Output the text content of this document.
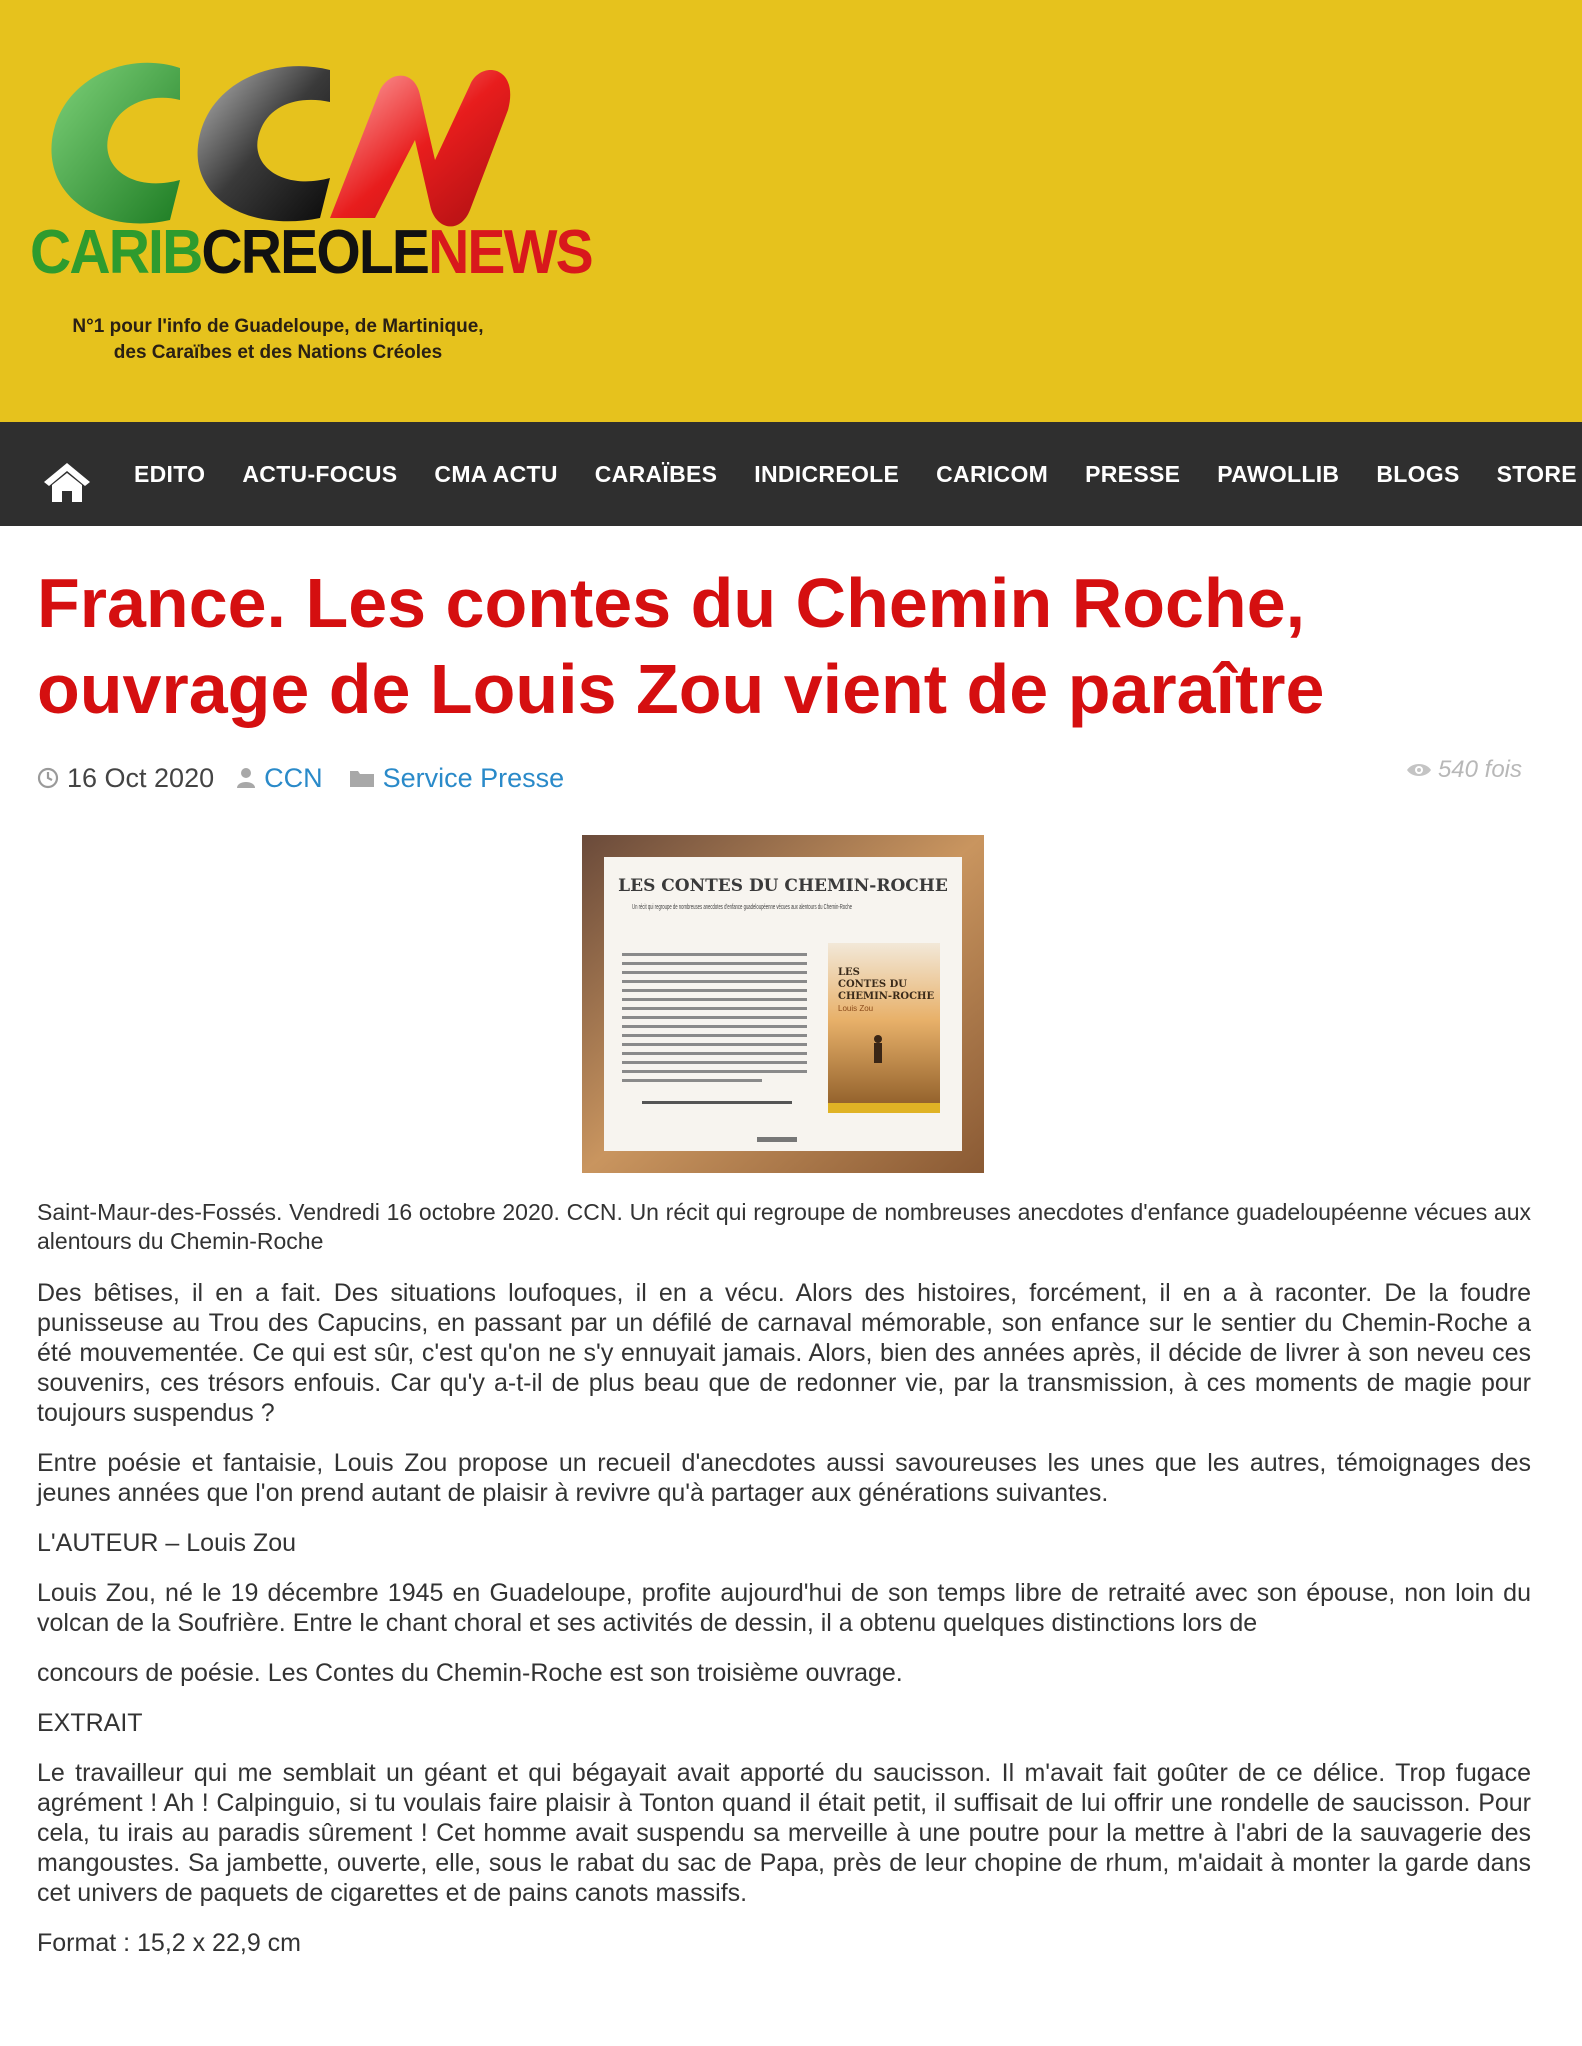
CARIBCREOLENEWS
N°1 pour l'info de Guadeloupe, de Martinique,
des Caraïbes et des Nations Créoles
EDITO ACTU-FOCUS CMA ACTU CARAÏBES INDICREOLE CARICOM PRESSE PAWOLLIB BLOGS STORE
France. Les contes du Chemin Roche, ouvrage de Louis Zou vient de paraître
16 Oct 2020 CCN Service Presse	540 fois
LES CONTES DU CHEMIN-ROCHE
Un récit qui regroupe de nombreuses anecdotes d'enfance guadeloupéenne vécues aux alentours du Chemin-Roche
LES
CONTES DU
CHEMIN-ROCHE
Louis Zou

Saint-Maur-des-Fossés. Vendredi 16 octobre 2020. CCN. Un récit qui regroupe de nombreuses anecdotes d'enfance guadeloupéenne vécues aux alentours du Chemin-Roche

Des bêtises, il en a fait. Des situations loufoques, il en a vécu. Alors des histoires, forcément, il en a à raconter. De la foudre punisseuse au Trou des Capucins, en passant par un défilé de carnaval mémorable, son enfance sur le sentier du Chemin-Roche a été mouvementée. Ce qui est sûr, c'est qu'on ne s'y ennuyait jamais. Alors, bien des années après, il décide de livrer à son neveu ces souvenirs, ces trésors enfouis. Car qu'y a-t-il de plus beau que de redonner vie, par la transmission, à ces moments de magie pour toujours suspendus ?

Entre poésie et fantaisie, Louis Zou propose un recueil d'anecdotes aussi savoureuses les unes que les autres, témoignages des jeunes années que l'on prend autant de plaisir à revivre qu'à partager aux générations suivantes.

L'AUTEUR – Louis Zou

Louis Zou, né le 19 décembre 1945 en Guadeloupe, profite aujourd'hui de son temps libre de retraité avec son épouse, non loin du volcan de la Soufrière. Entre le chant choral et ses activités de dessin, il a obtenu quelques distinctions lors de

concours de poésie. Les Contes du Chemin-Roche est son troisième ouvrage.

EXTRAIT

Le travailleur qui me semblait un géant et qui bégayait avait apporté du saucisson. Il m'avait fait goûter de ce délice. Trop fugace agrément ! Ah ! Calpinguio, si tu voulais faire plaisir à Tonton quand il était petit, il suffisait de lui offrir une rondelle de saucisson. Pour cela, tu irais au paradis sûrement ! Cet homme avait suspendu sa merveille à une poutre pour la mettre à l'abri de la sauvagerie des mangoustes. Sa jambette, ouverte, elle, sous le rabat du sac de Papa, près de leur chopine de rhum, m'aidait à monter la garde dans cet univers de paquets de cigarettes et de pains canots massifs.

Format : 15,2 x 22,9 cm
